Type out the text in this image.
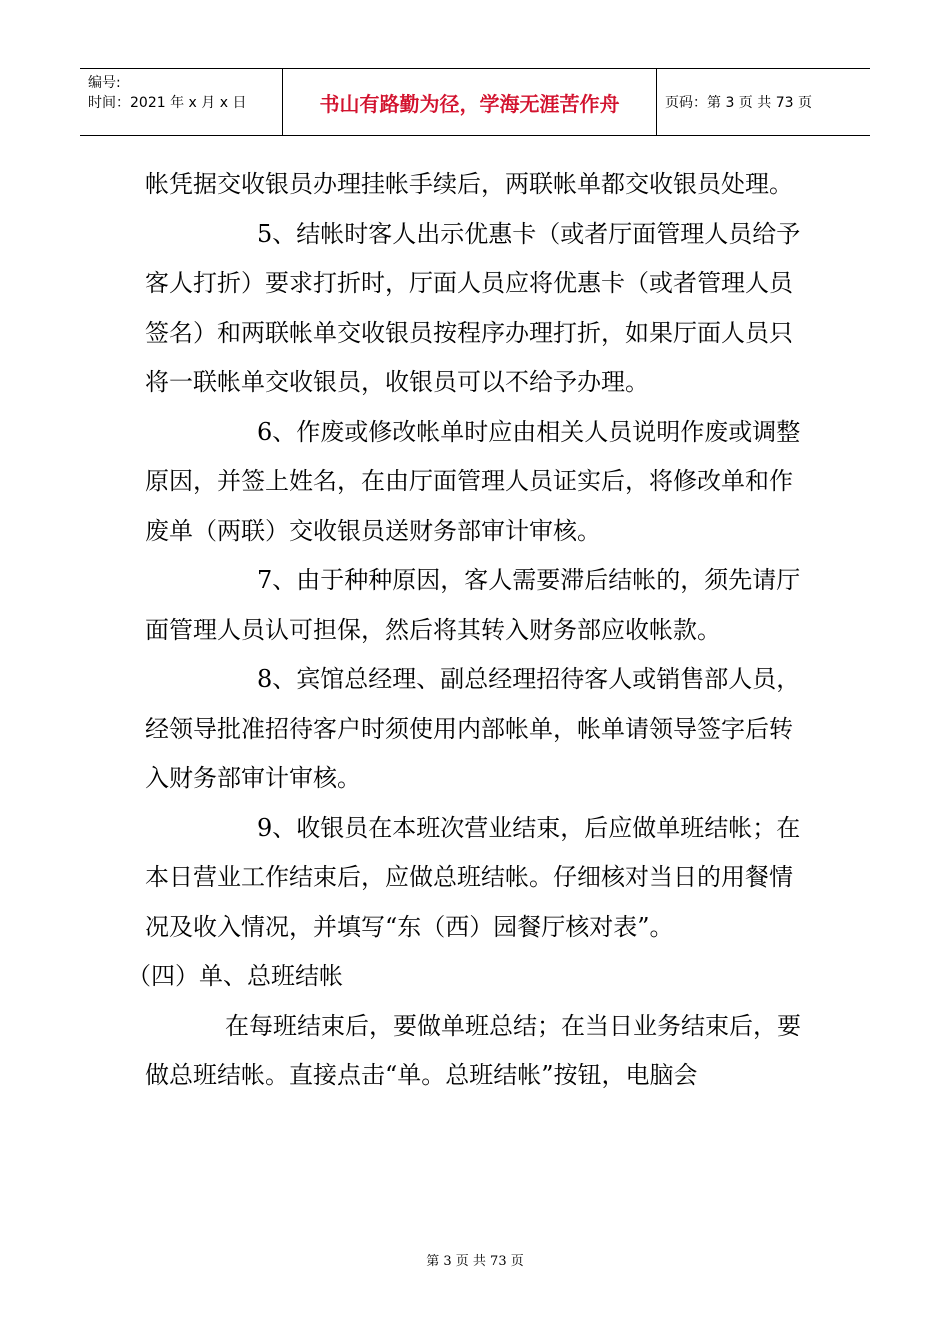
编号:
时间：2021 年 x 月 x 日	书山有路勤为径，学海无涯苦作舟	页码：第 3 页 共 73 页

帐凭据交收银员办理挂帐手续后，两联帐单都交收银员处理。

5、结帐时客人出示优惠卡（或者厅面管理人员给予客人打折）要求打折时，厅面人员应将优惠卡（或者管理人员签名）和两联帐单交收银员按程序办理打折，如果厅面人员只将一联帐单交收银员，收银员可以不给予办理。

6、作废或修改帐单时应由相关人员说明作废或调整原因，并签上姓名，在由厅面管理人员证实后，将修改单和作废单（两联）交收银员送财务部审计审核。

7、由于种种原因，客人需要滞后结帐的，须先请厅面管理人员认可担保，然后将其转入财务部应收帐款。

8、宾馆总经理、副总经理招待客人或销售部人员，经领导批准招待客户时须使用内部帐单，帐单请领导签字后转入财务部审计审核。

9、收银员在本班次营业结束，后应做单班结帐；在本日营业工作结束后，应做总班结帐。仔细核对当日的用餐情况及收入情况，并填写“东（西）园餐厅核对表”。

（四）单、总班结帐

在每班结束后，要做单班总结；在当日业务结束后，要做总班结帐。直接点击“单。总班结帐”按钮，电脑会

第 3 页 共 73 页
